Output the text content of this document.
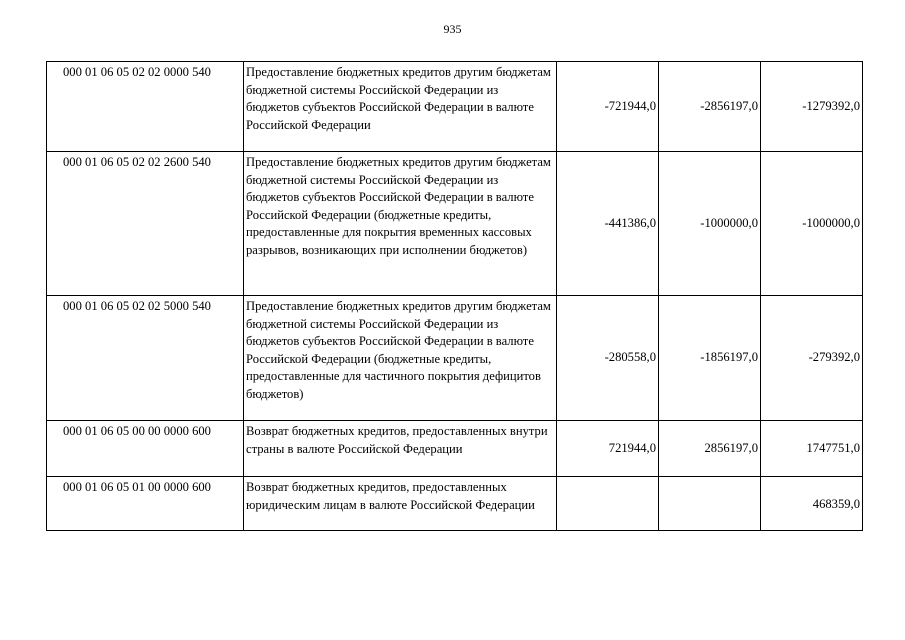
935
000 01 06 05 02 02 0000 540	Предоставление бюджетных кредитов другим бюджетам бюджетной системы Российской Федерации из бюджетов субъектов Российской Федерации в валюте Российской Федерации	-721944,0	-2856197,0	-1279392,0
000 01 06 05 02 02 2600 540	Предоставление бюджетных кредитов другим бюджетам бюджетной системы Российской Федерации из бюджетов субъектов Российской Федерации в валюте Российской Федерации (бюджетные кредиты, предоставленные для покрытия временных кассовых разрывов, возникающих при исполнении бюджетов)	-441386,0	-1000000,0	-1000000,0
000 01 06 05 02 02 5000 540	Предоставление бюджетных кредитов другим бюджетам бюджетной системы Российской Федерации из бюджетов субъектов Российской Федерации в валюте Российской Федерации (бюджетные кредиты, предоставленные для частичного покрытия дефицитов бюджетов)	-280558,0	-1856197,0	-279392,0
000 01 06 05 00 00 0000 600	Возврат бюджетных кредитов, предоставленных внутри страны в валюте Российской Федерации	721944,0	2856197,0	1747751,0
000 01 06 05 01 00 0000 600	Возврат бюджетных кредитов, предоставленных юридическим лицам в валюте Российской Федерации			468359,0
